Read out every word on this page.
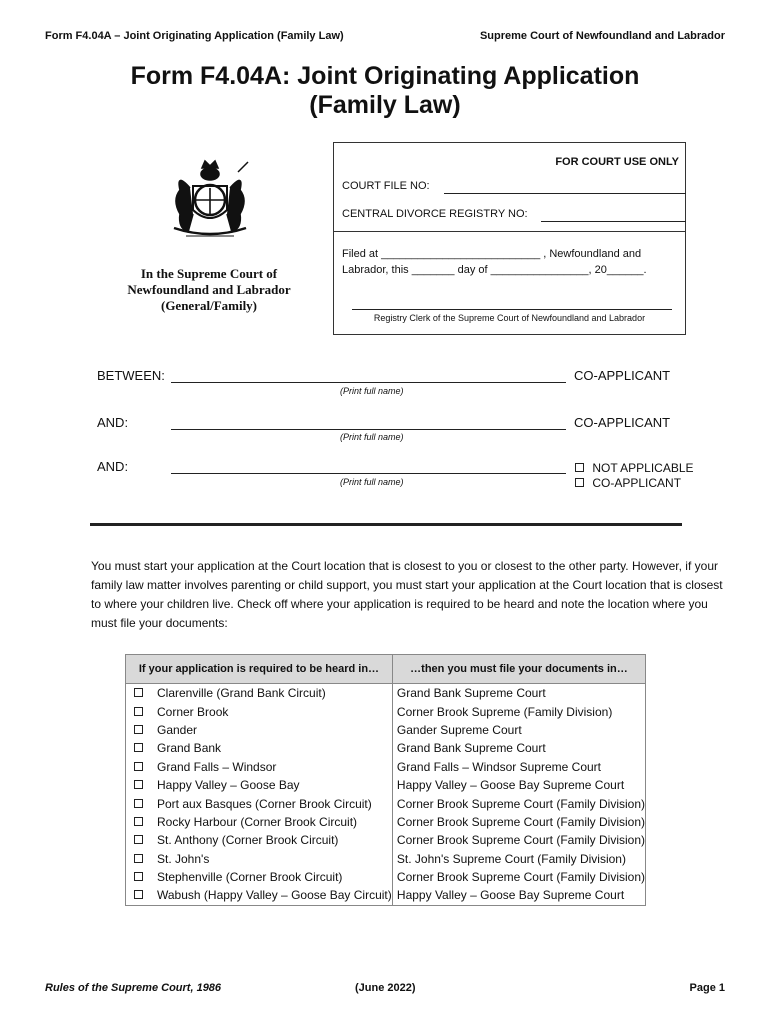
Form F4.04A – Joint Originating Application (Family Law)	Supreme Court of Newfoundland and Labrador
Form F4.04A: Joint Originating Application
(Family Law)
In the Supreme Court of
Newfoundland and Labrador
(General/Family)
FOR COURT USE ONLY
COURT FILE NO:
CENTRAL DIVORCE REGISTRY NO:
Filed at __________________________ , Newfoundland and
Labrador, this _______ day of ________________, 20______.
Registry Clerk of the Supreme Court of Newfoundland and Labrador
BETWEEN:
(Print full name)
CO-APPLICANT
AND:
(Print full name)
CO-APPLICANT
AND:
(Print full name)
NOT APPLICABLE
CO-APPLICANT
You must start your application at the Court location that is closest to you or closest to the other party. However, if your
family law matter involves parenting or child support, you must start your application at the Court location that is closest
to where your children live. Check off where your application is required to be heard and note the location where you
must file your documents:
If your application is required to be heard in…	…then you must file your documents in…
Clarenville (Grand Bank Circuit)	Grand Bank Supreme Court
Corner Brook	Corner Brook Supreme (Family Division)
Gander	Gander Supreme Court
Grand Bank	Grand Bank Supreme Court
Grand Falls – Windsor	Grand Falls – Windsor Supreme Court
Happy Valley – Goose Bay	Happy Valley – Goose Bay Supreme Court
Port aux Basques (Corner Brook Circuit)	Corner Brook Supreme Court (Family Division)
Rocky Harbour (Corner Brook Circuit)	Corner Brook Supreme Court (Family Division)
St. Anthony (Corner Brook Circuit)	Corner Brook Supreme Court (Family Division)
St. John's	St. John's Supreme Court (Family Division)
Stephenville (Corner Brook Circuit)	Corner Brook Supreme Court (Family Division)
Wabush (Happy Valley – Goose Bay Circuit)	Happy Valley – Goose Bay Supreme Court
Rules of the Supreme Court, 1986	(June 2022)	Page 1
